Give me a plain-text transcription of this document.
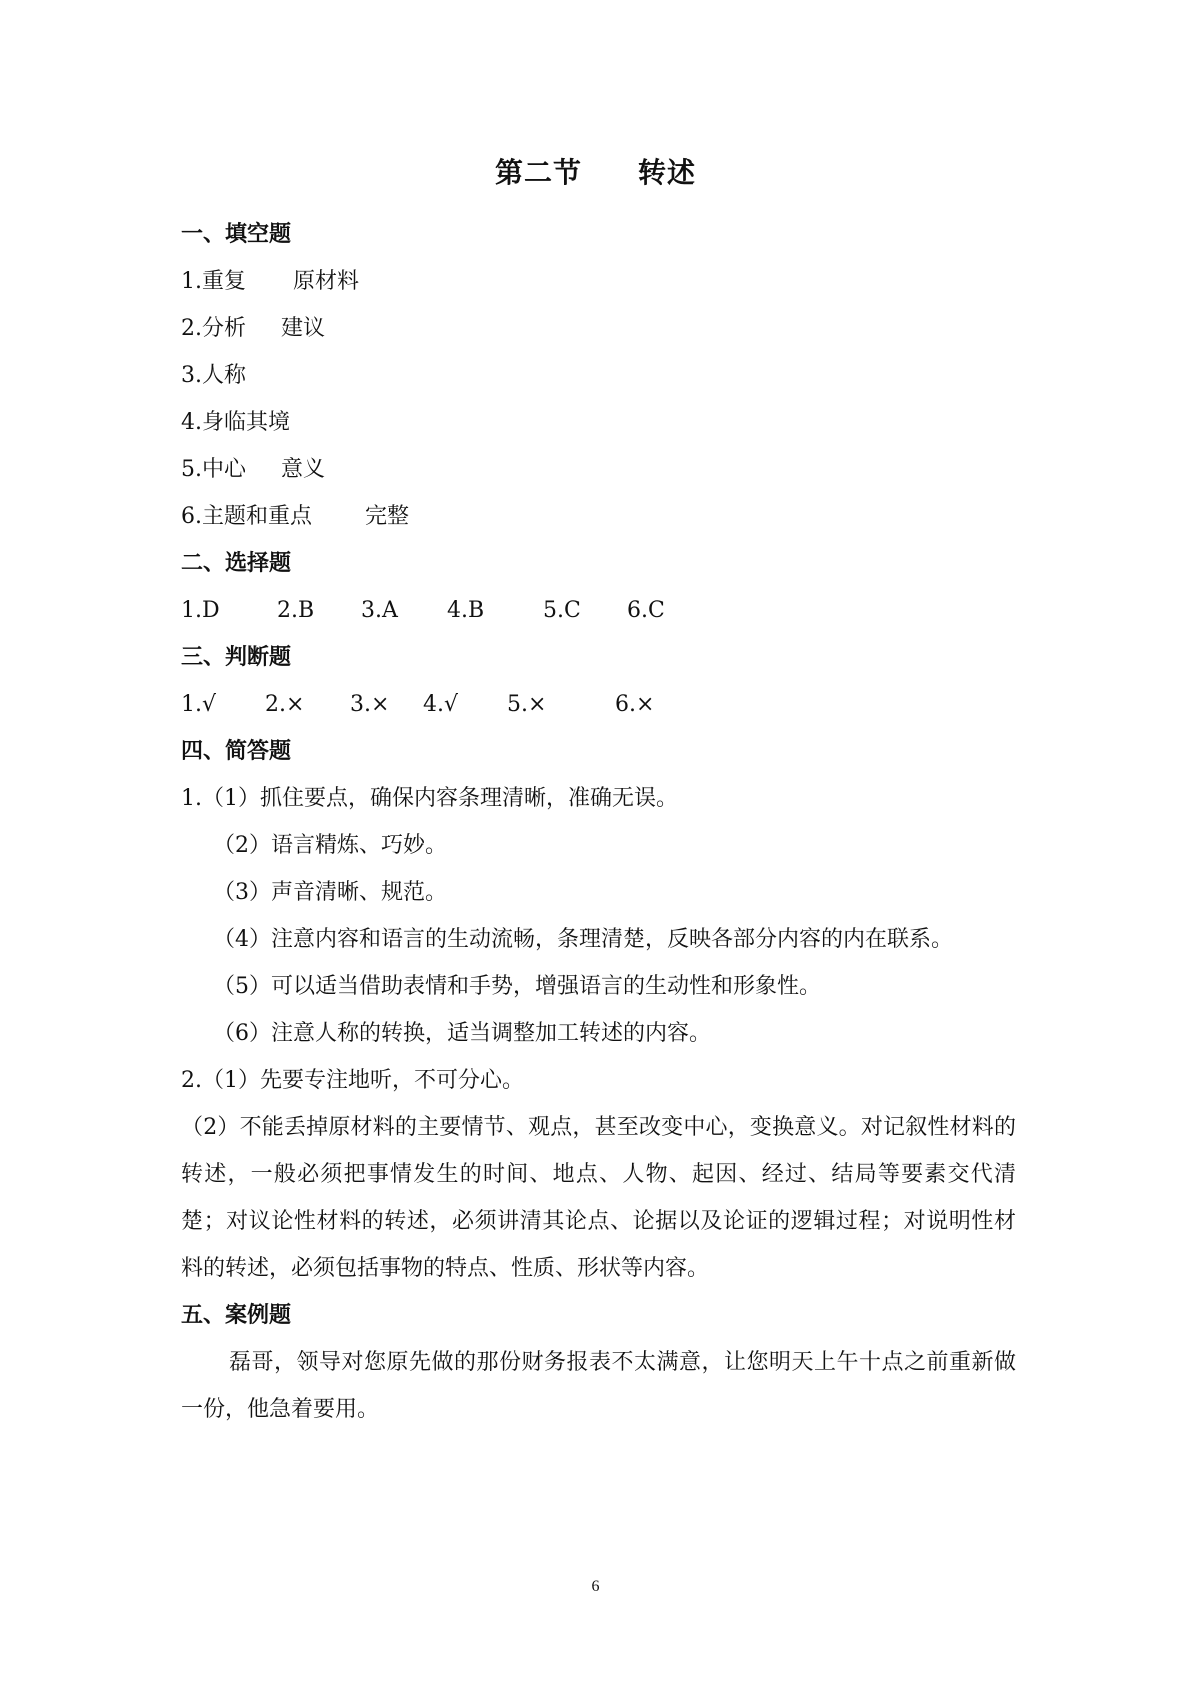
第二节 转述
一、填空题
1.重复 原材料
2.分析 建议
3.人称
4.身临其境
5.中心 意义
6.主题和重点 完整
二、选择题
1.D	2.B 3.A 4.B	5.C 6.C
三、判断题
1.√ 2.× 3.× 4.√ 5.×	6.×
四、简答题
1.（1）抓住要点，确保内容条理清晰，准确无误。
（2）语言精炼、巧妙。
（3）声音清晰、规范。
（4）注意内容和语言的生动流畅，条理清楚，反映各部分内容的内在联系。
（5）可以适当借助表情和手势，增强语言的生动性和形象性。
（6）注意人称的转换，适当调整加工转述的内容。
2.（1）先要专注地听，不可分心。
（2）不能丢掉原材料的主要情节、观点，甚至改变中心，变换意义。对记叙性材料的转述，一般必须把事情发生的时间、地点、人物、起因、经过、结局等要素交代清楚；对议论性材料的转述，必须讲清其论点、论据以及论证的逻辑过程；对说明性材料的转述，必须包括事物的特点、性质、形状等内容。
五、案例题
磊哥，领导对您原先做的那份财务报表不太满意，让您明天上午十点之前重新做一份，他急着要用。
6
